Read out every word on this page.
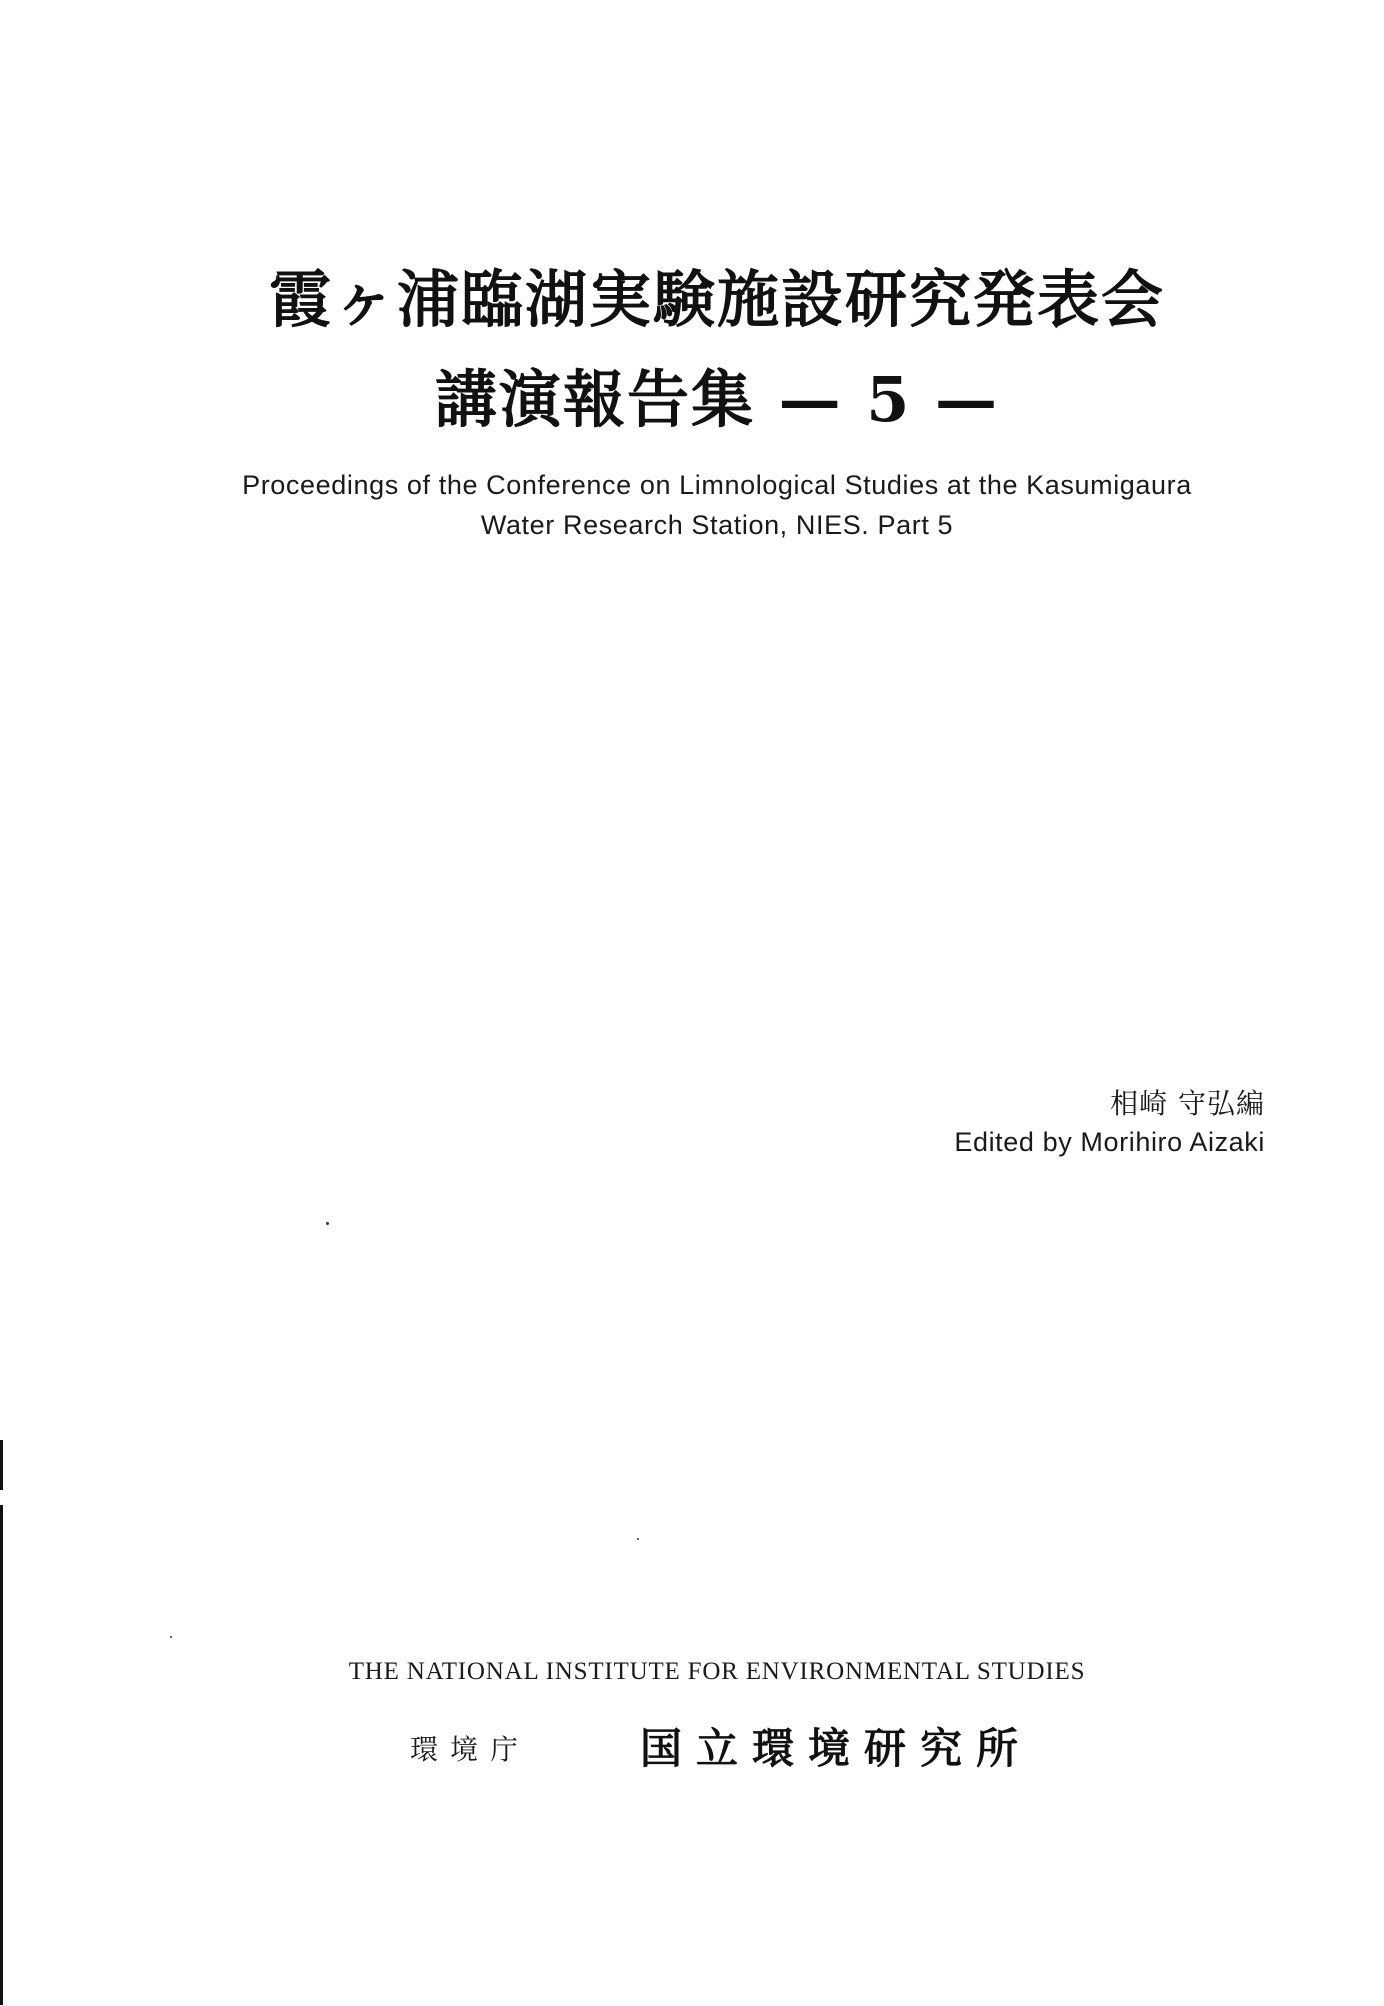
霞ヶ浦臨湖実験施設研究発表会
講演報告集 — 5 —
Proceedings of the Conference on Limnological Studies at the Kasumigaura
Water Research Station, NIES. Part 5
相崎 守弘編
Edited by Morihiro Aizaki
THE NATIONAL INSTITUTE FOR ENVIRONMENTAL STUDIES
環境庁	国立環境研究所
